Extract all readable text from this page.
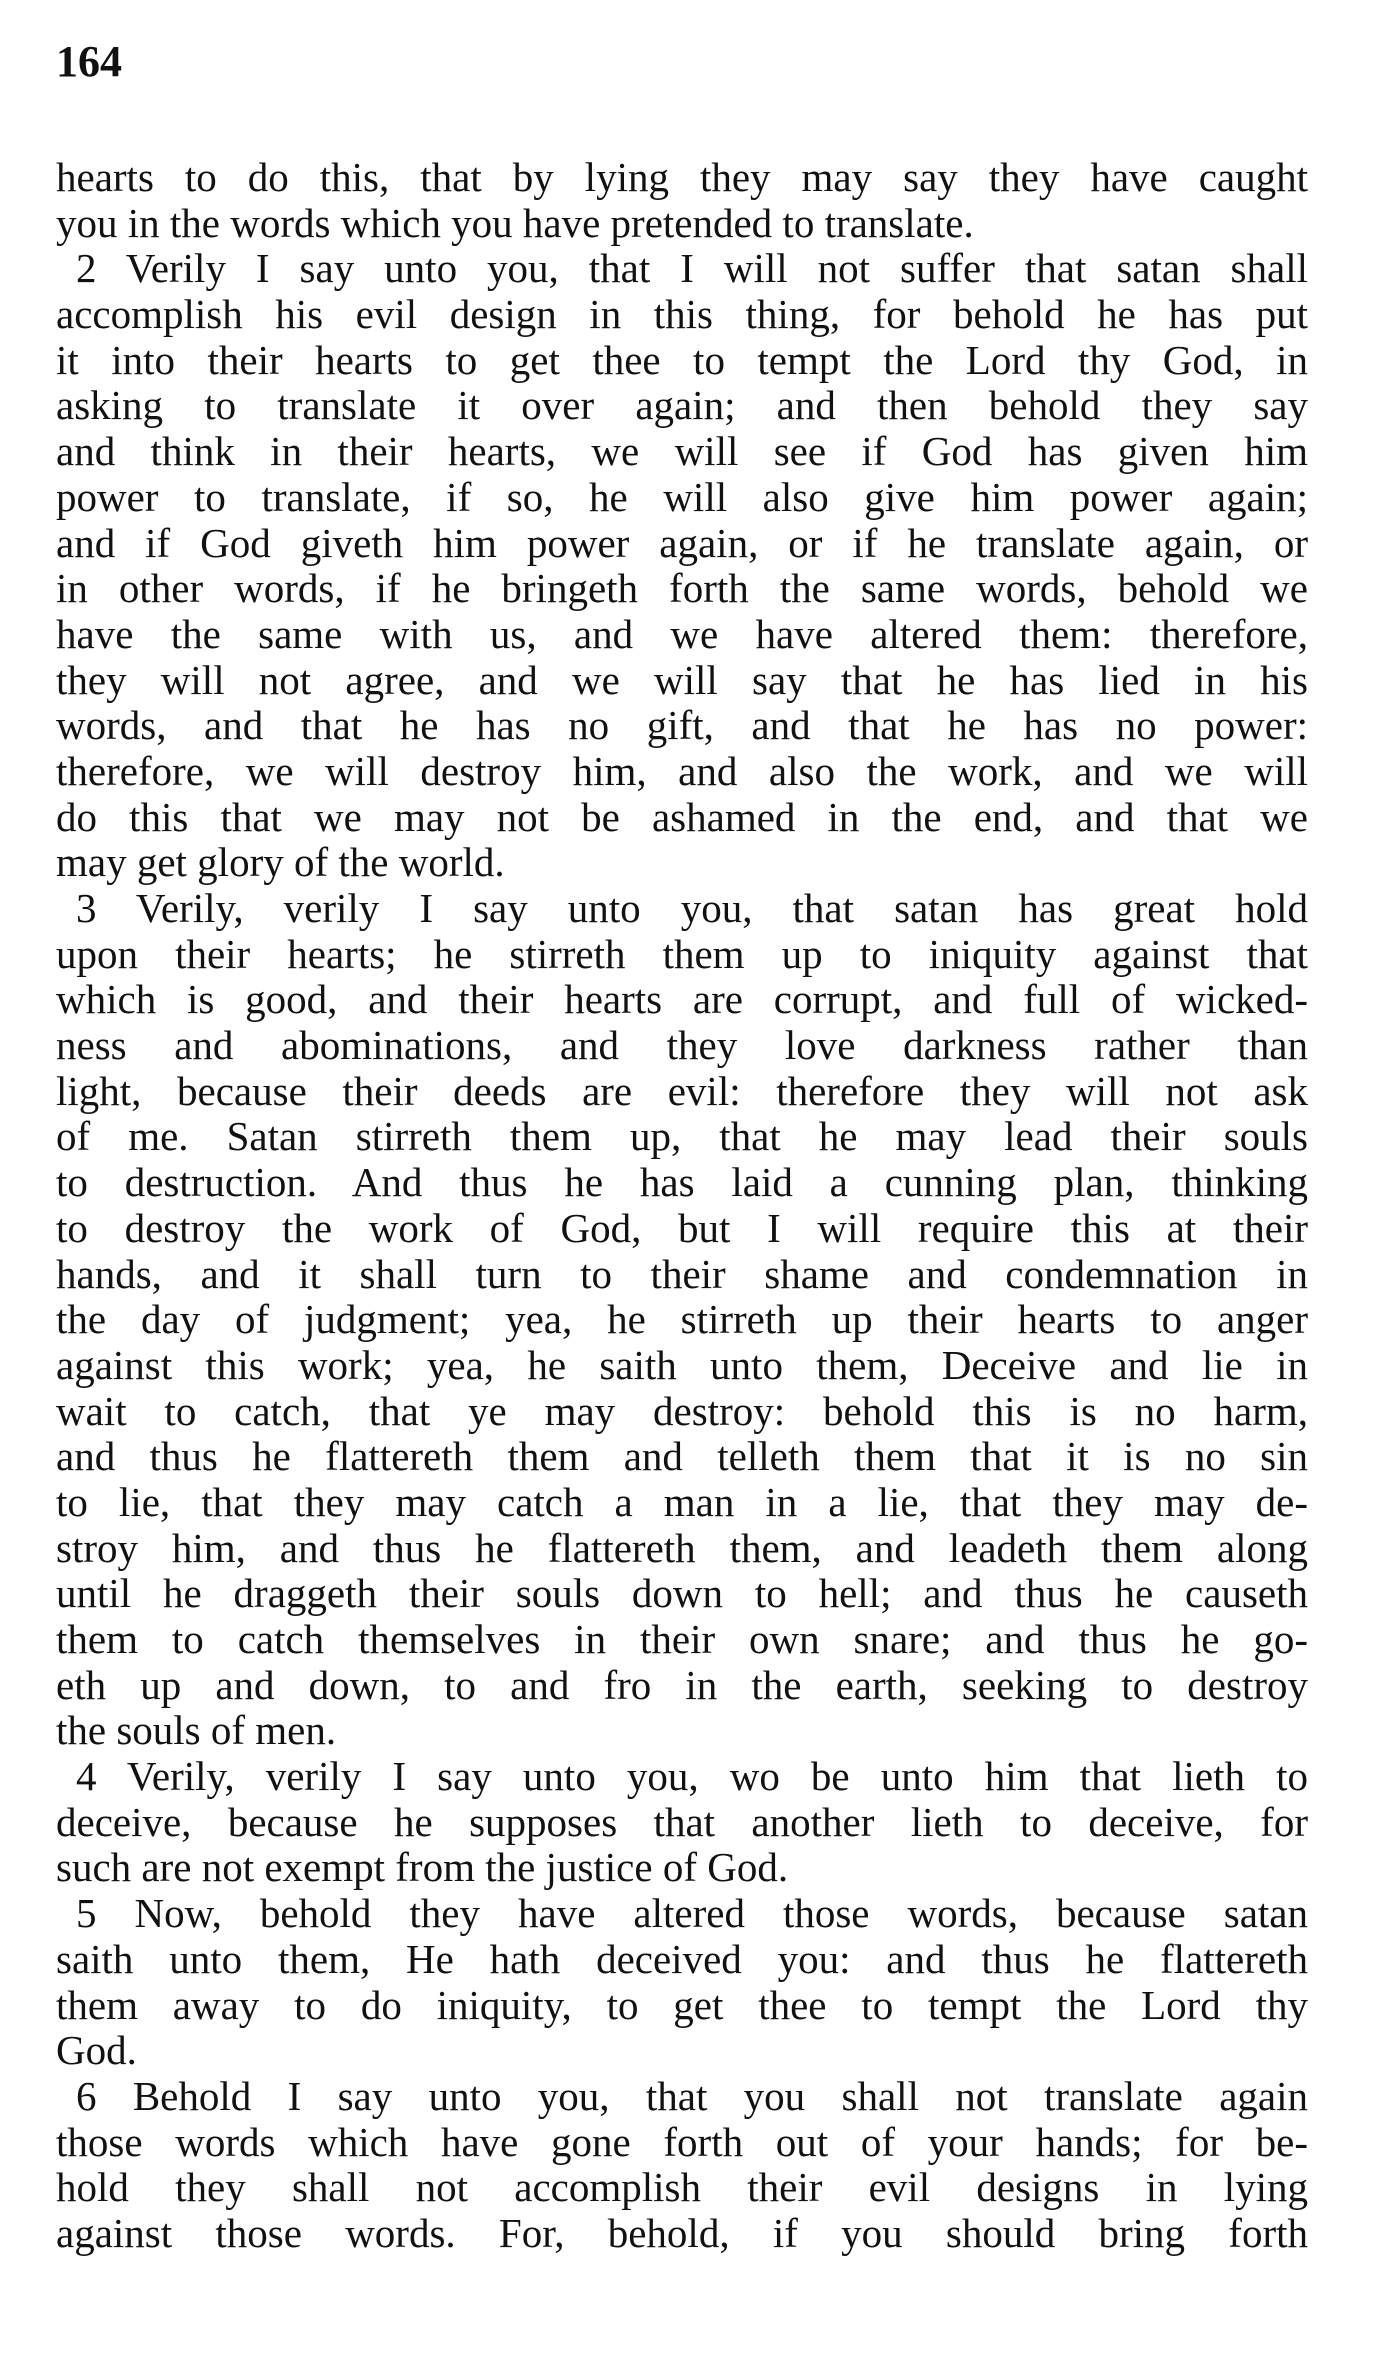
164
hearts to do this, that by lying they may say they have caught
you in the words which you have pretended to translate.
2 Verily I say unto you, that I will not suffer that satan shall
accomplish his evil design in this thing, for behold he has put
it into their hearts to get thee to tempt the Lord thy God, in
asking to translate it over again; and then behold they say
and think in their hearts, we will see if God has given him
power to translate, if so, he will also give him power again;
and if God giveth him power again, or if he translate again, or
in other words, if he bringeth forth the same words, behold we
have the same with us, and we have altered them: therefore,
they will not agree, and we will say that he has lied in his
words, and that he has no gift, and that he has no power:
therefore, we will destroy him, and also the work, and we will
do this that we may not be ashamed in the end, and that we
may get glory of the world.
3 Verily, verily I say unto you, that satan has great hold
upon their hearts; he stirreth them up to iniquity against that
which is good, and their hearts are corrupt, and full of wicked-
ness and abominations, and they love darkness rather than
light, because their deeds are evil: therefore they will not ask
of me. Satan stirreth them up, that he may lead their souls
to destruction. And thus he has laid a cunning plan, thinking
to destroy the work of God, but I will require this at their
hands, and it shall turn to their shame and condemnation in
the day of judgment; yea, he stirreth up their hearts to anger
against this work; yea, he saith unto them, Deceive and lie in
wait to catch, that ye may destroy: behold this is no harm,
and thus he flattereth them and telleth them that it is no sin
to lie, that they may catch a man in a lie, that they may de-
stroy him, and thus he flattereth them, and leadeth them along
until he draggeth their souls down to hell; and thus he causeth
them to catch themselves in their own snare; and thus he go-
eth up and down, to and fro in the earth, seeking to destroy
the souls of men.
4 Verily, verily I say unto you, wo be unto him that lieth to
deceive, because he supposes that another lieth to deceive, for
such are not exempt from the justice of God.
5 Now, behold they have altered those words, because satan
saith unto them, He hath deceived you: and thus he flattereth
them away to do iniquity, to get thee to tempt the Lord thy
God.
6 Behold I say unto you, that you shall not translate again
those words which have gone forth out of your hands; for be-
hold they shall not accomplish their evil designs in lying
against those words. For, behold, if you should bring forth
